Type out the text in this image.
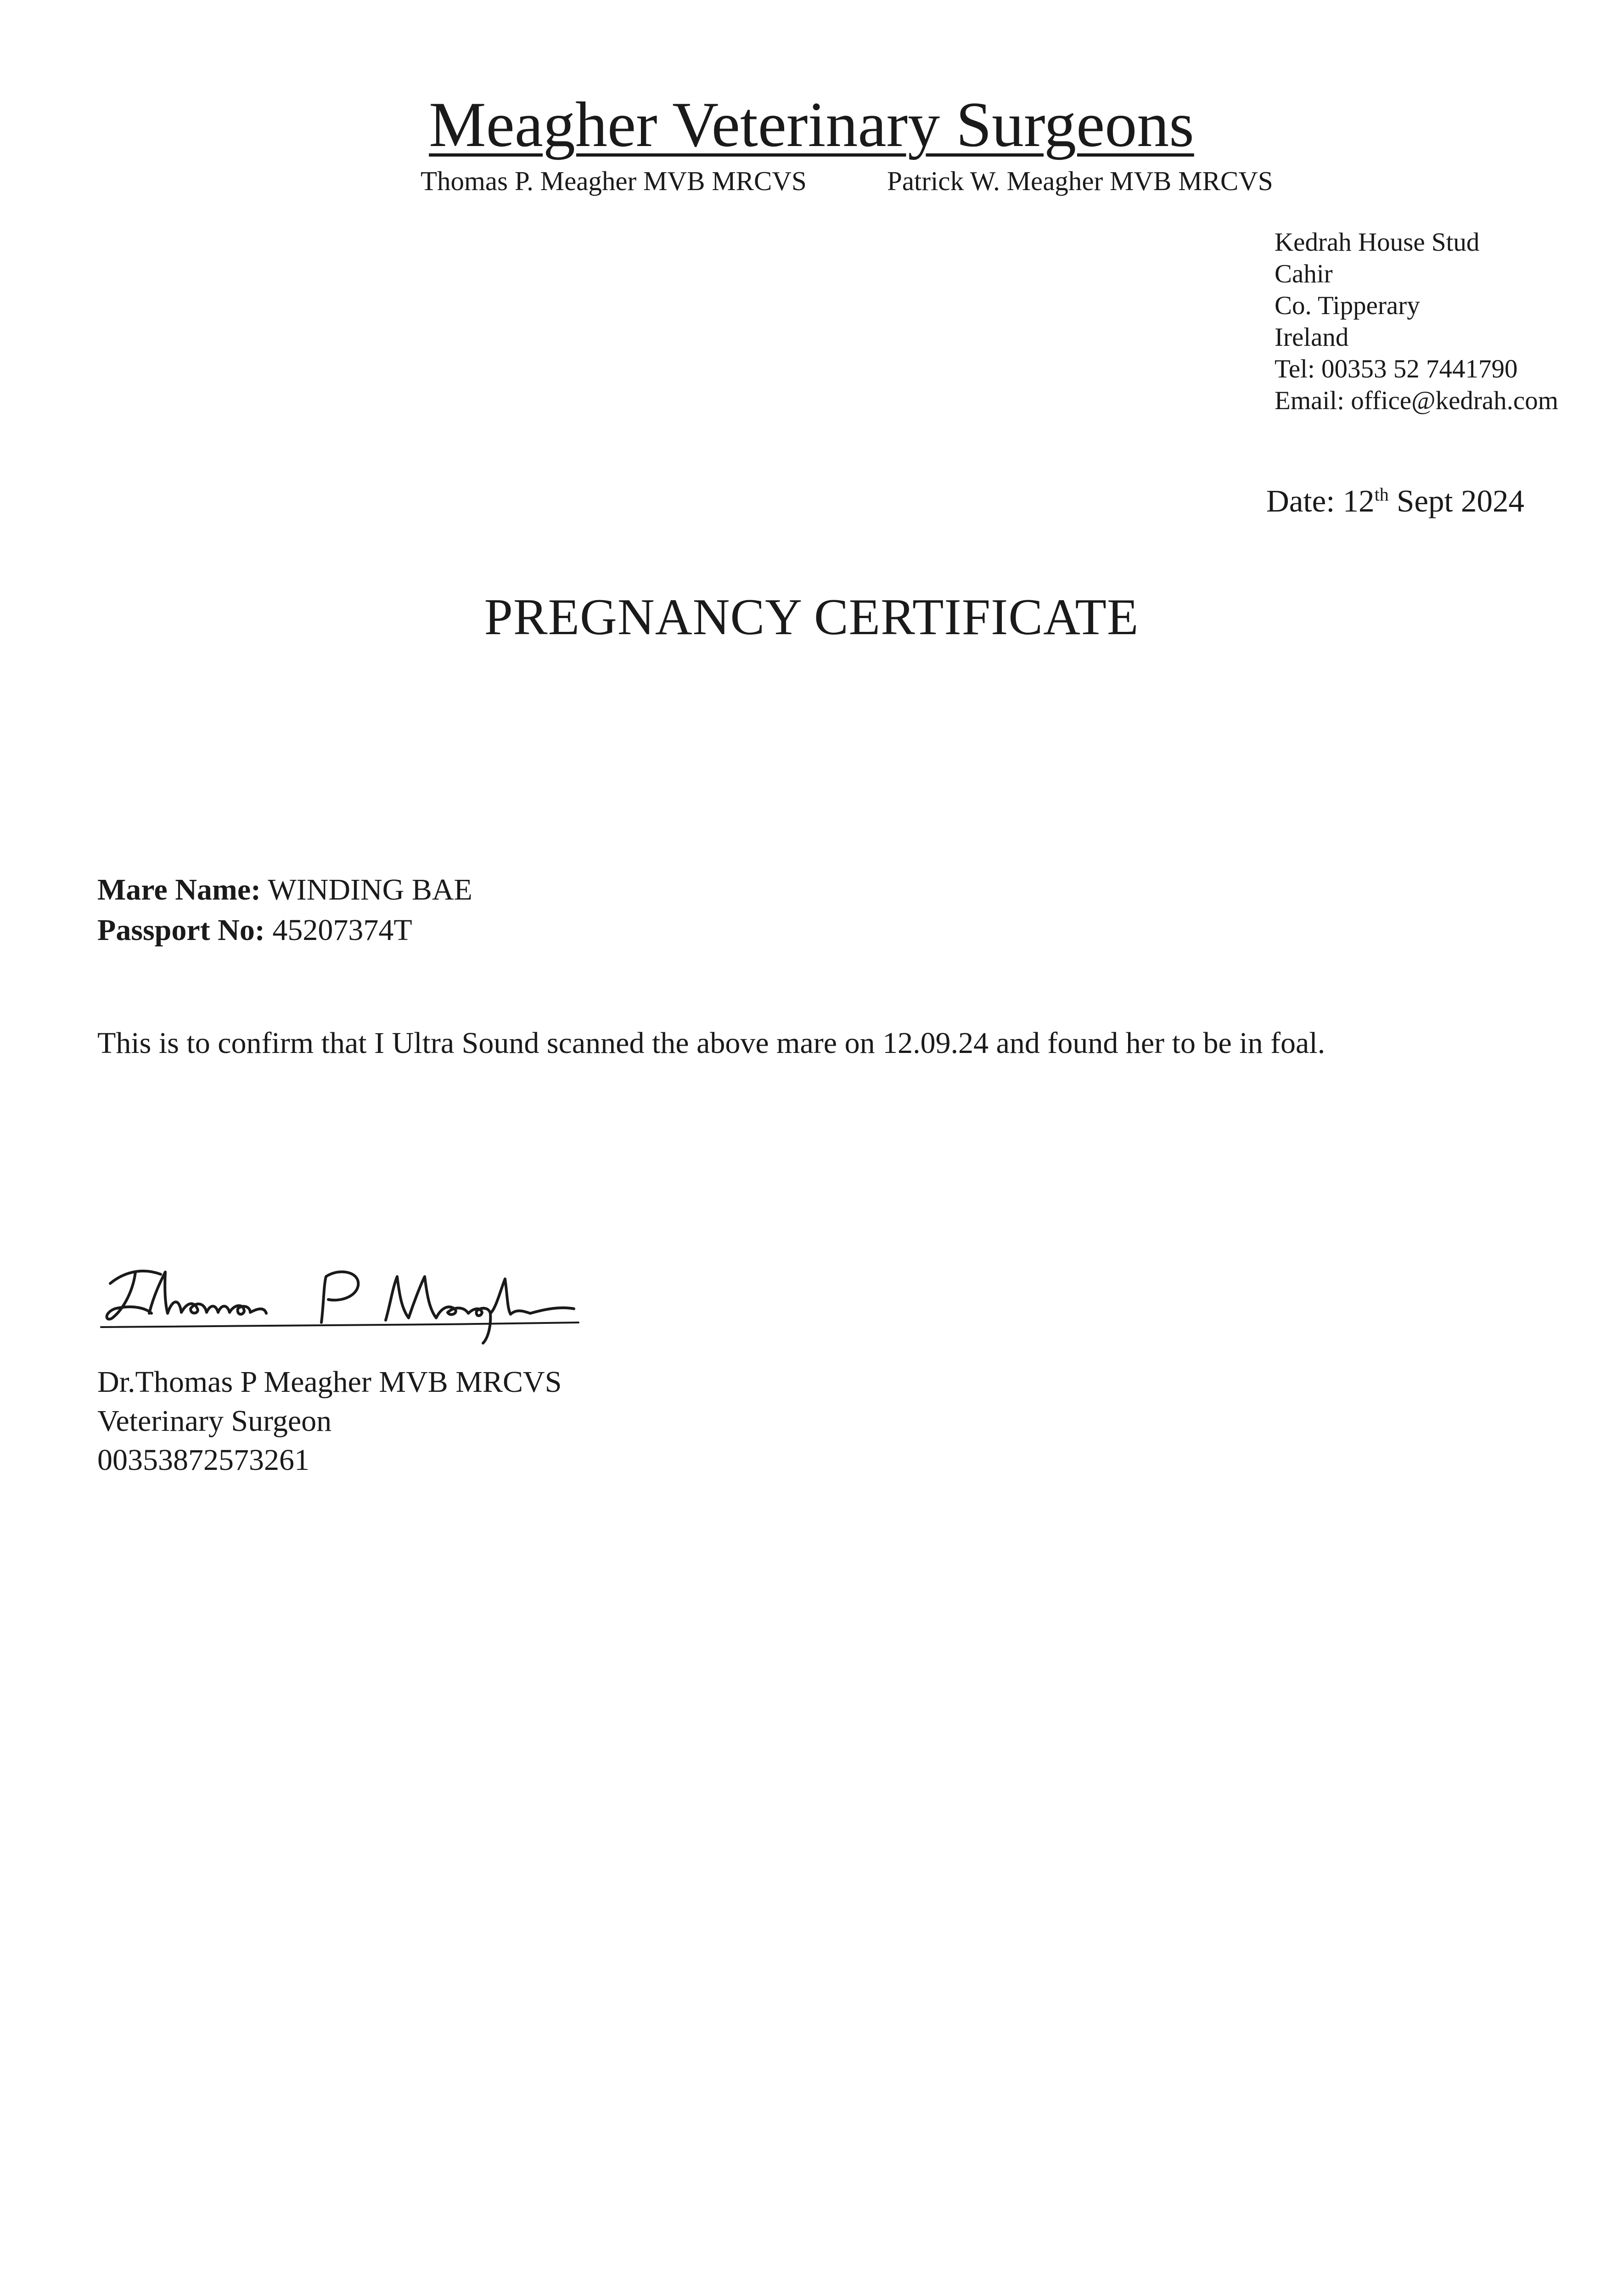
Meagher Veterinary Surgeons
Thomas P. Meagher MVB MRCVS	Patrick W. Meagher MVB MRCVS
Kedrah House Stud
Cahir
Co. Tipperary
Ireland
Tel: 00353 52 7441790
Email: office@kedrah.com
Date: 12th Sept 2024
PREGNANCY CERTIFICATE
Mare Name: WINDING BAE
Passport No: 45207374T
This is to confirm that I Ultra Sound scanned the above mare on 12.09.24 and found her to be in foal.
Dr.Thomas P Meagher MVB MRCVS
Veterinary Surgeon
00353872573261
